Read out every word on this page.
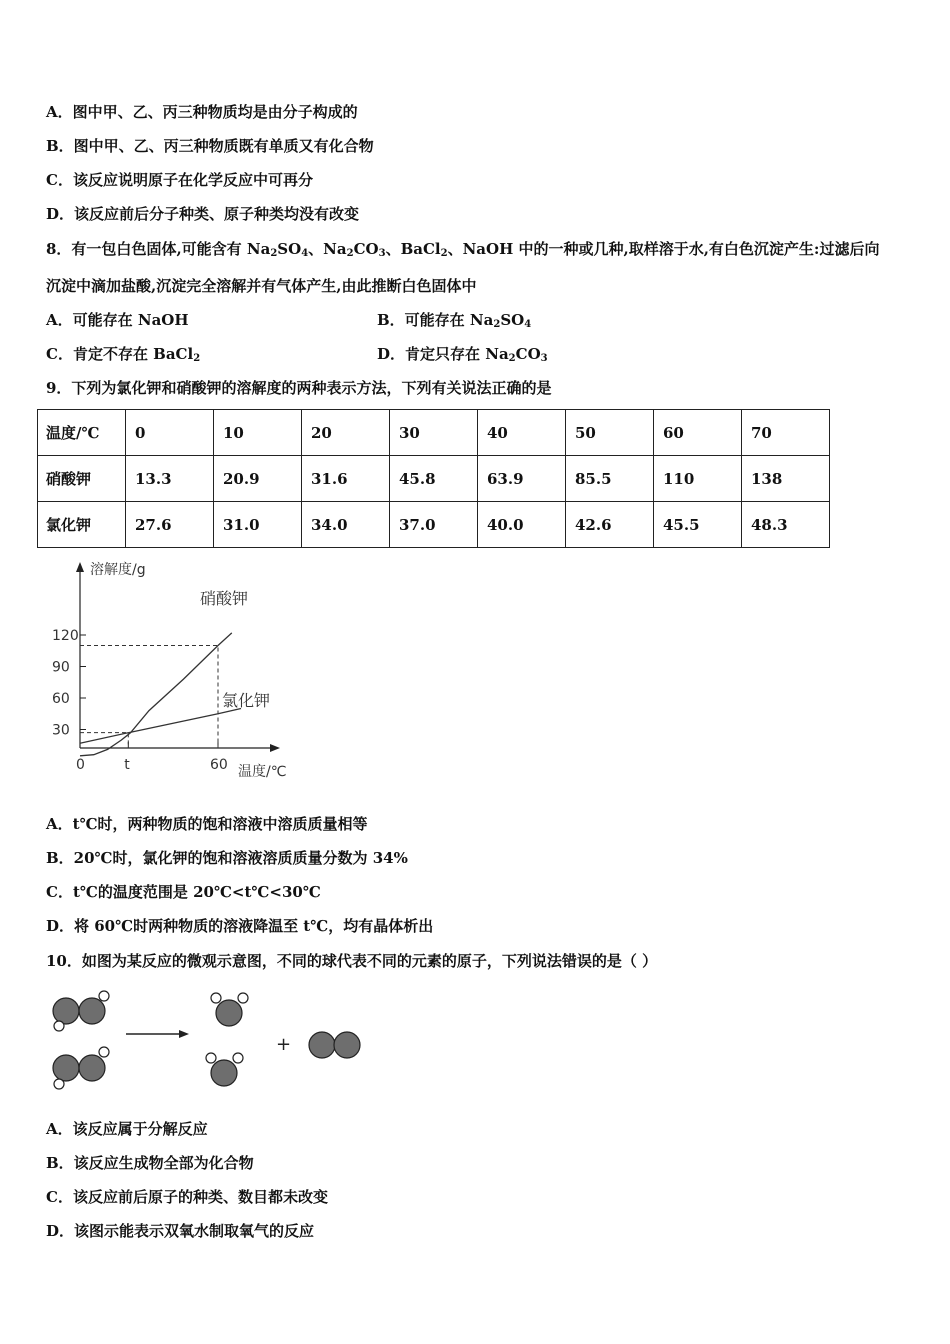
A．图中甲、乙、丙三种物质均是由分子构成的
B．图中甲、乙、丙三种物质既有单质又有化合物
C．该反应说明原子在化学反应中可再分
D．该反应前后分子种类、原子种类均没有改变
8．有一包白色固体,可能含有 $Na_2SO_4$、$Na_2CO_3$、BaCl$_2$、NaOH 中的一种或几种,取样溶于水,有白色沉淀产生:过滤后向
沉淀中滴加盐酸,沉淀完全溶解并有气体产生,由此推断白色固体中
A．可能存在 NaOH	B．可能存在 $Na_2SO_4$
C．肯定不存在 BaCl$_2$	D．肯定只存在 $Na_2CO_3$
9．下列为氯化钾和硝酸钾的溶解度的两种表示方法，下列有关说法正确的是
温度/℃	0	10	20	30	40	50	60	70
硝酸钾	13.3	20.9	31.6	45.8	63.9	85.5	110	138
氯化钾	27.6	31.0	34.0	37.0	40.0	42.6	45.5	48.3
溶解度/g
温度/℃
120
90
60
30
0	t	60
硝酸钾
氯化钾
A．t℃时，两种物质的饱和溶液中溶质质量相等
B．20℃时，氯化钾的饱和溶液溶质质量分数为 34%
C．t℃的温度范围是 20℃<t℃<30℃
D．将 60℃时两种物质的溶液降温至 t℃，均有晶体析出
10．如图为某反应的微观示意图，不同的球代表不同的元素的原子，下列说法错误的是（ ）
+
A．该反应属于分解反应
B．该反应生成物全部为化合物
C．该反应前后原子的种类、数目都未改变
D．该图示能表示双氧水制取氧气的反应
